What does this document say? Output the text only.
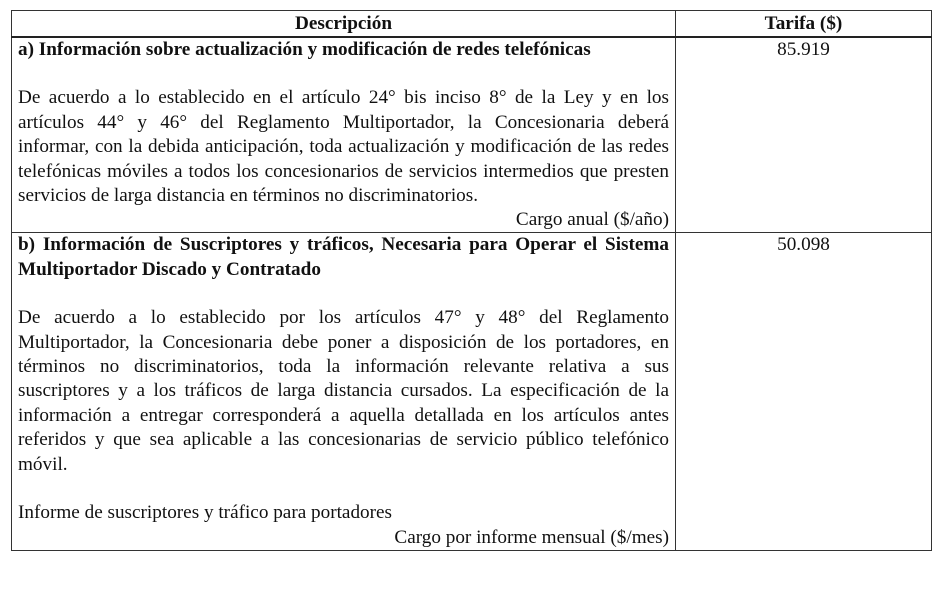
Descripción	Tarifa ($)

a) Información sobre actualización y modificación de redes telefónicas

De acuerdo a lo establecido en el artículo 24° bis inciso 8° de la Ley y en los artículos 44° y 46° del Reglamento Multiportador, la Concesionaria deberá informar, con la debida anticipación, toda actualización y modificación de las redes telefónicas móviles a todos los concesionarios de servicios intermedios que presten servicios de larga distancia en términos no discriminatorios.

Cargo anual ($/año)	85.919

b) Información de Suscriptores y tráficos, Necesaria para Operar el Sistema Multiportador Discado y Contratado

De acuerdo a lo establecido por los artículos 47° y 48° del Reglamento Multiportador, la Concesionaria debe poner a disposición de los portadores, en términos no discriminatorios, toda la información relevante relativa a sus suscriptores y a los tráficos de larga distancia cursados. La especificación de la información a entregar corresponderá a aquella detallada en los artículos antes referidos y que sea aplicable a las concesionarias de servicio público telefónico móvil.

Informe de suscriptores y tráfico para portadores

Cargo por informe mensual ($/mes)	50.098
